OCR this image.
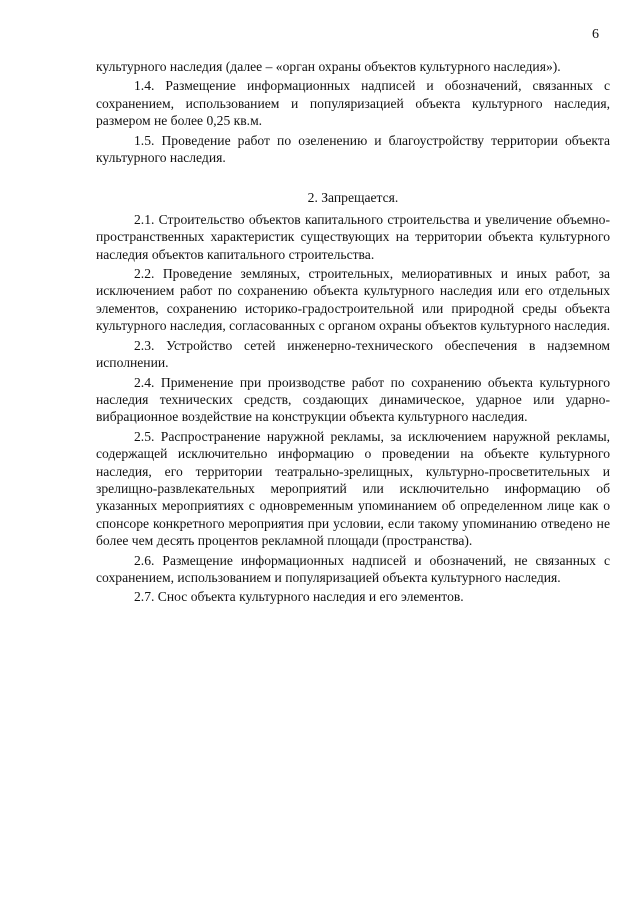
6

культурного наследия (далее – «орган охраны объектов культурного наследия»).

1.4. Размещение информационных надписей и обозначений, связанных с сохранением, использованием и популяризацией объекта культурного наследия, размером не более 0,25 кв.м.

1.5. Проведение работ по озеленению и благоустройству территории объекта культурного наследия.

2. Запрещается.

2.1. Строительство объектов капитального строительства и увеличение объемно-пространственных характеристик существующих на территории объекта культурного наследия объектов капитального строительства.

2.2. Проведение земляных, строительных, мелиоративных и иных работ, за исключением работ по сохранению объекта культурного наследия или его отдельных элементов, сохранению историко-градостроительной или природной среды объекта культурного наследия, согласованных с органом охраны объектов культурного наследия.

2.3. Устройство сетей инженерно-технического обеспечения в надземном исполнении.

2.4. Применение при производстве работ по сохранению объекта культурного наследия технических средств, создающих динамическое, ударное или ударно-вибрационное воздействие на конструкции объекта культурного наследия.

2.5. Распространение наружной рекламы, за исключением наружной рекламы, содержащей исключительно информацию о проведении на объекте культурного наследия, его территории театрально-зрелищных, культурно-просветительных и зрелищно-развлекательных мероприятий или исключительно информацию об указанных мероприятиях с одновременным упоминанием об определенном лице как о спонсоре конкретного мероприятия при условии, если такому упоминанию отведено не более чем десять процентов рекламной площади (пространства).

2.6. Размещение информационных надписей и обозначений, не связанных с сохранением, использованием и популяризацией объекта культурного наследия.

2.7. Снос объекта культурного наследия и его элементов.
